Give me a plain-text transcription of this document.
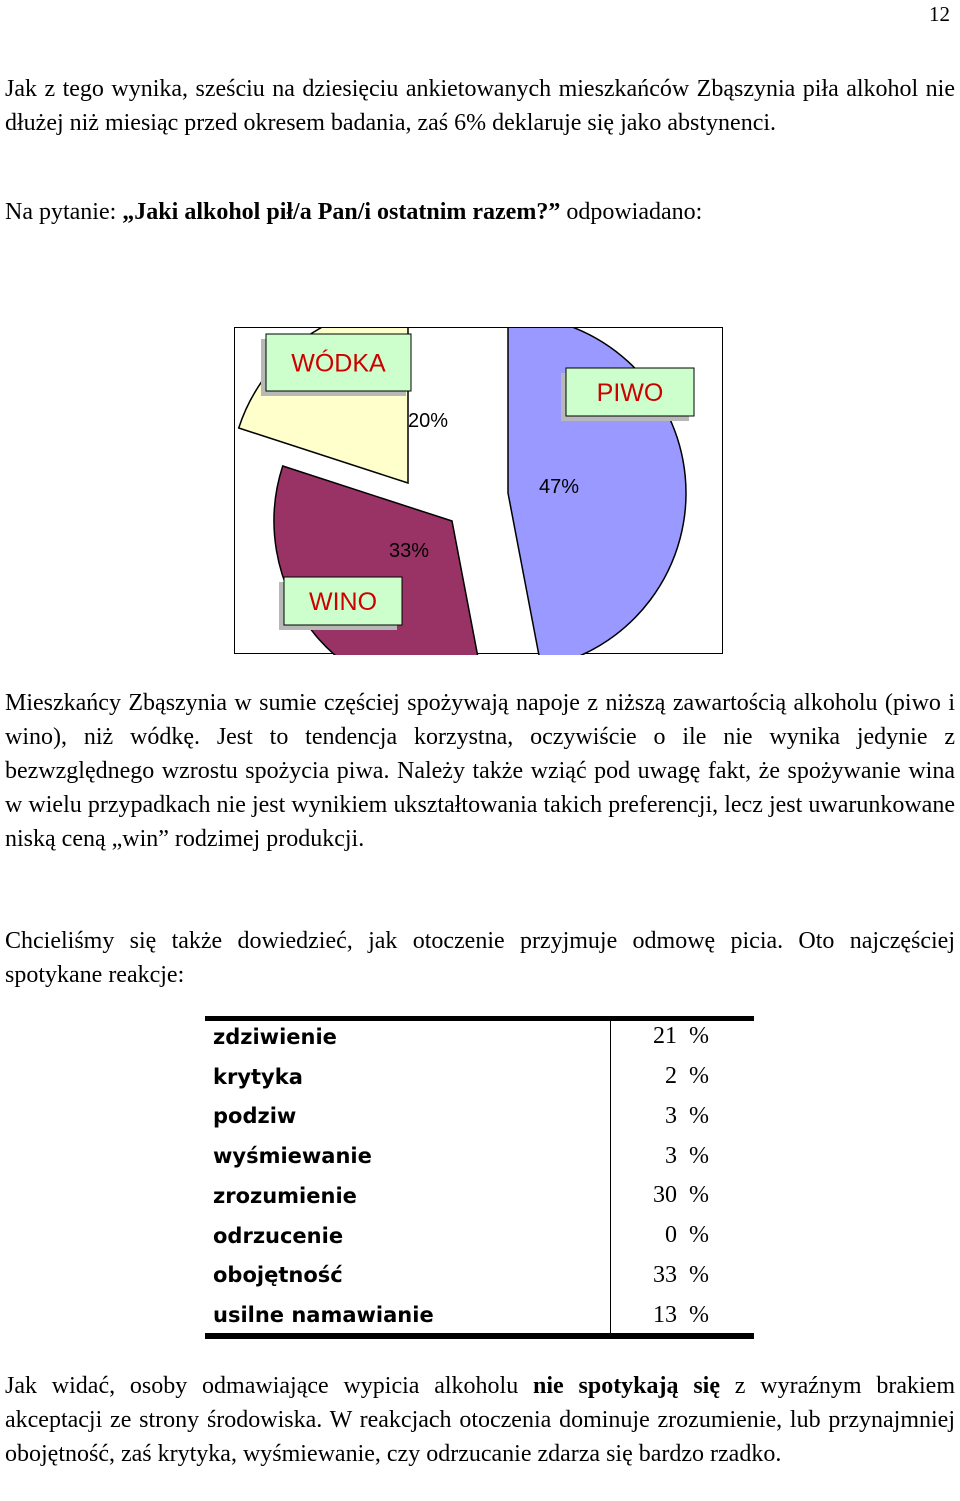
12

Jak z tego wynika, sześciu na dziesięciu ankietowanych mieszkańców Zbąszynia piła alkohol nie dłużej niż miesiąc przed okresem badania, zaś 6% deklaruje się jako abstynenci.

Na pytanie: „Jaki alkohol pił/a Pan/i ostatnim razem?” odpowiadano:

20%
47%
33%
WÓDKA
PIWO
WINO

Mieszkańcy Zbąszynia w sumie częściej spożywają napoje z niższą zawartością alkoholu (piwo i wino), niż wódkę. Jest to tendencja korzystna, oczywiście o ile nie wynika jedynie z bezwzględnego wzrostu spożycia piwa. Należy także wziąć pod uwagę fakt, że spożywanie wina w wielu przypadkach nie jest wynikiem ukształtowania takich preferencji, lecz jest uwarunkowane niską ceną „win” rodzimej produkcji.

Chcieliśmy się także dowiedzieć, jak otoczenie przyjmuje odmowę picia. Oto najczęściej spotykane reakcje:

zdziwienie	21 %
krytyka	2 %
podziw	3 %
wyśmiewanie	3 %
zrozumienie	30 %
odrzucenie	0 %
obojętność	33 %
usilne namawianie	13 %

Jak widać, osoby odmawiające wypicia alkoholu nie spotykają się z wyraźnym brakiem akceptacji ze strony środowiska. W reakcjach otoczenia dominuje zrozumienie, lub przynajmniej obojętność, zaś krytyka, wyśmiewanie, czy odrzucanie zdarza się bardzo rzadko.
